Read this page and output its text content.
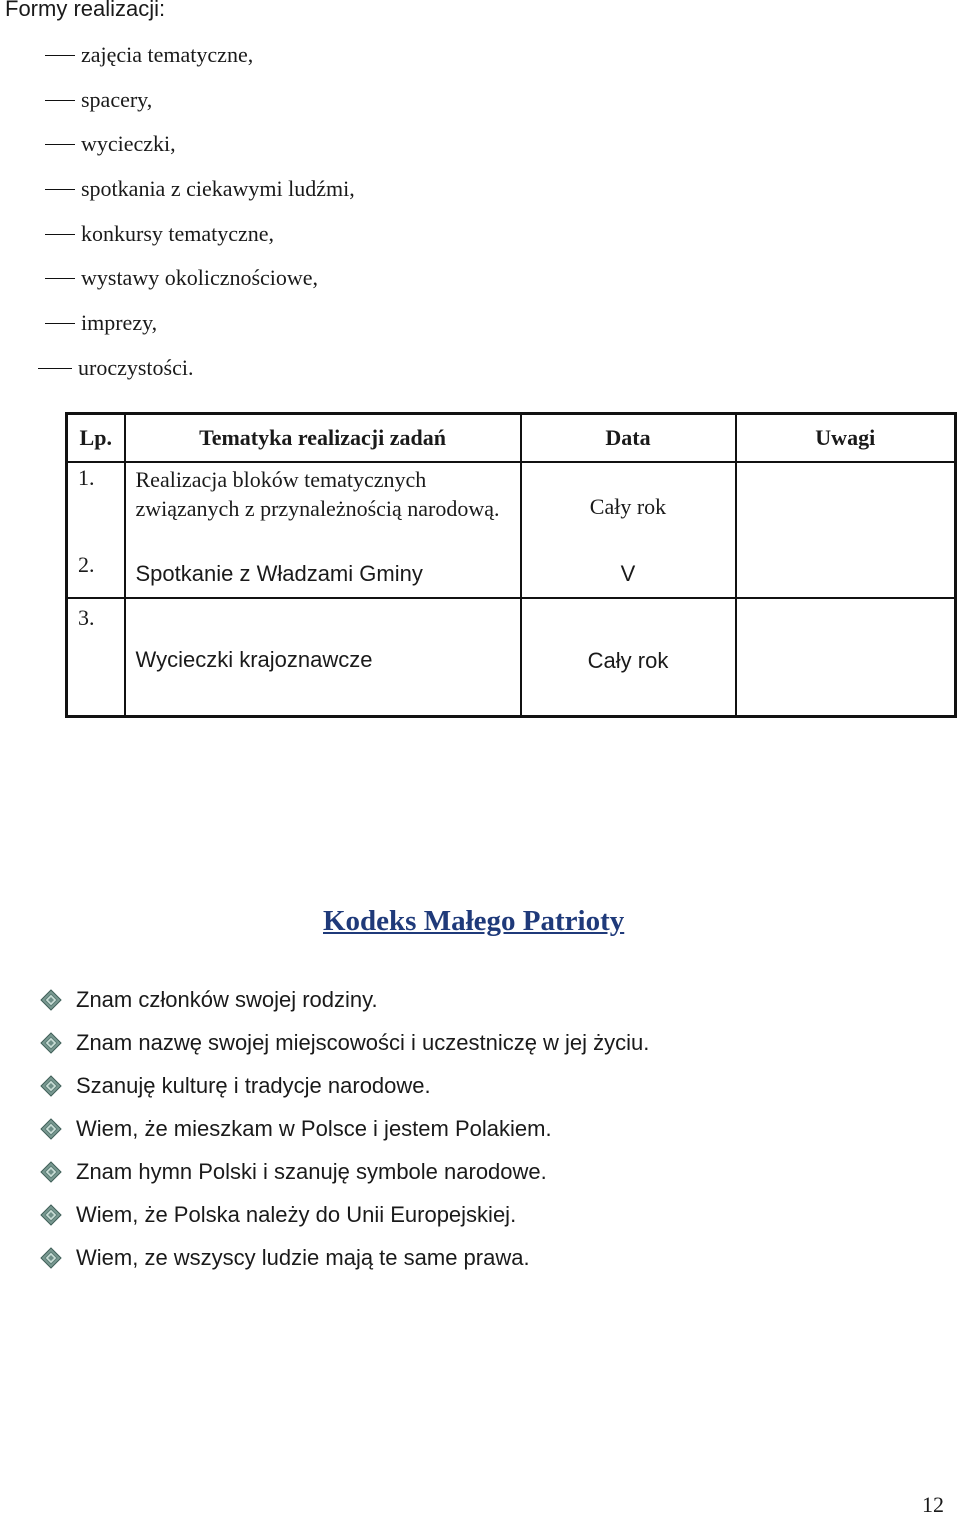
Formy realizacji:
zajęcia tematyczne,
spacery,
wycieczki,
spotkania z ciekawymi ludźmi,
konkursy tematyczne,
wystawy okolicznościowe,
imprezy,
uroczystości.
Lp.	Tematyka realizacji zadań	Data	Uwagi
1.	Realizacja bloków tematycznych związanych z przynależnością narodową.	Cały rok	
2.	Spotkanie z Władzami Gminy	V	
3.	Wycieczki krajoznawcze	Cały rok	
Kodeks Małego Patrioty
Znam członków swojej rodziny.
Znam nazwę swojej miejscowości i uczestniczę w jej życiu.
Szanuję kulturę i tradycje narodowe.
Wiem, że mieszkam w Polsce i jestem Polakiem.
Znam hymn Polski i szanuję symbole narodowe.
Wiem, że Polska należy do Unii Europejskiej.
Wiem, ze wszyscy ludzie mają te same prawa.
12
